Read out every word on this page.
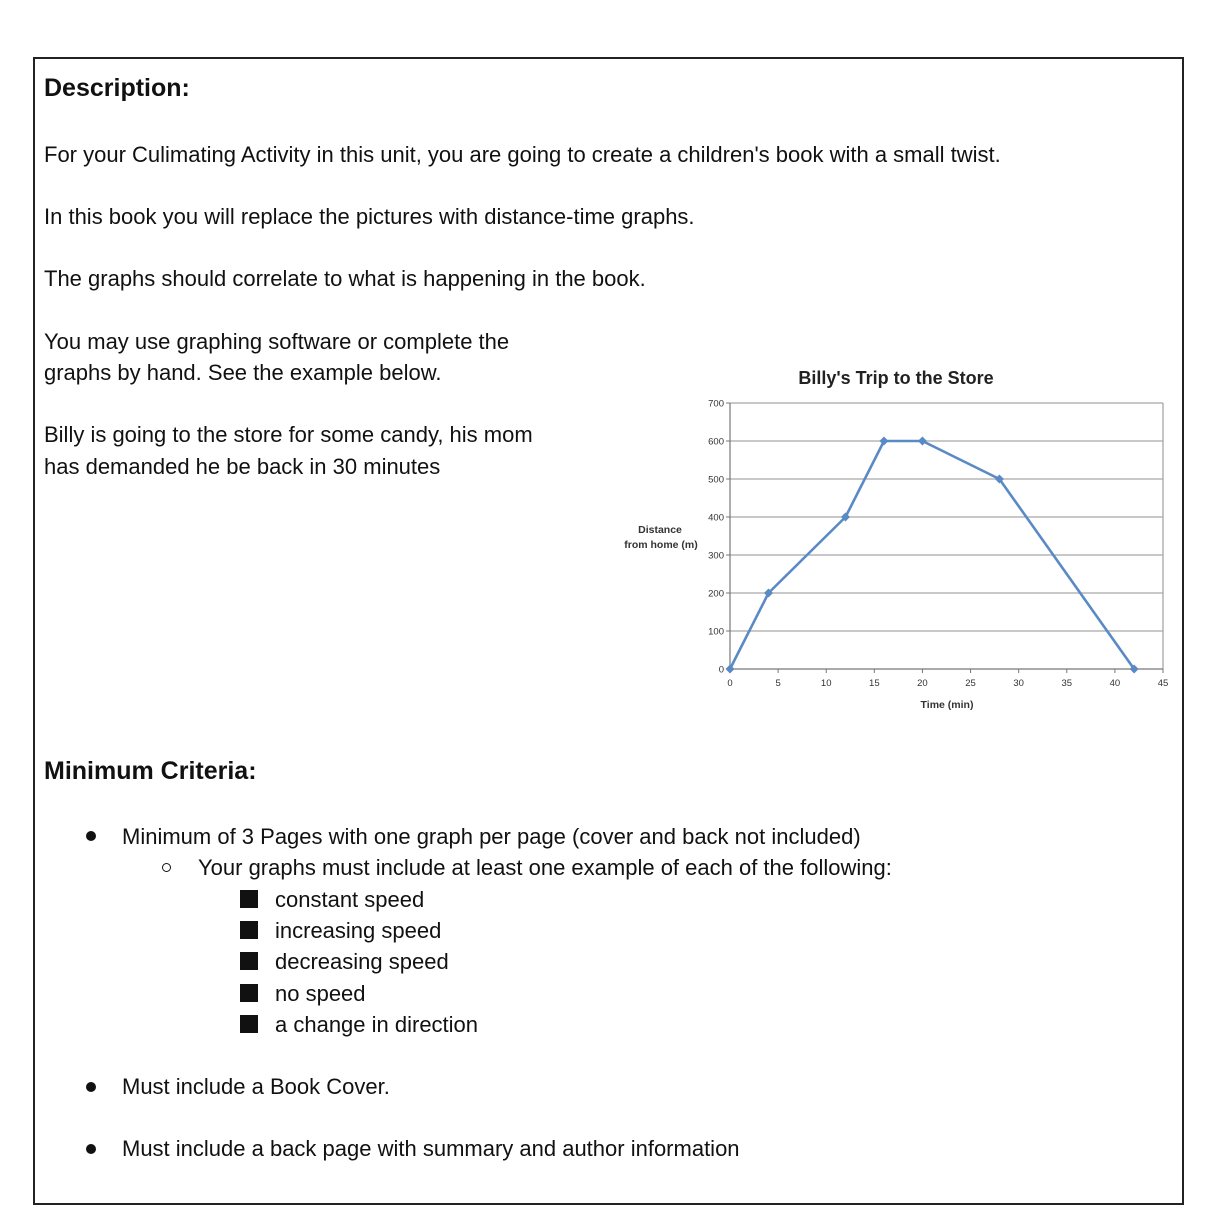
Description:
For your Culimating Activity in this unit, you are going to create a children's book with a small twist.
In this book you will replace the pictures with distance-time graphs.
The graphs should correlate to what is happening in the book.
You may use graphing software or complete the
graphs by hand. See the example below.
Billy is going to the store for some candy, his mom
has demanded he be back in 30 minutes
Billy's Trip to the Store
Distance
from home (m)
Time (min)
0
100
200
300
400
500
600
700
0	5	10	15	20	25	30	35	40	45
Minimum Criteria:
Minimum of 3 Pages with one graph per page (cover and back not included)
Your graphs must include at least one example of each of the following:
constant speed
increasing speed
decreasing speed
no speed
a change in direction
Must include a Book Cover.
Must include a back page with summary and author information
